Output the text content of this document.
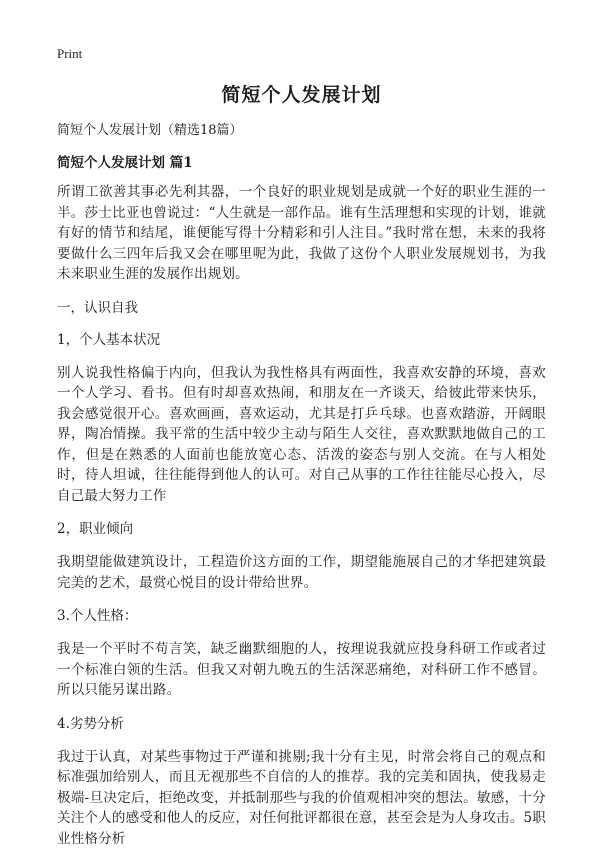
Print
简短个人发展计划
简短个人发展计划（精选18篇）
简短个人发展计划 篇1

所谓工欲善其事必先利其器，一个良好的职业规划是成就一个好的职业生涯的一半。莎士比亚也曾说过：“人生就是一部作品。谁有生活理想和实现的计划，谁就有好的情节和结尾，谁便能写得十分精彩和引人注目。”我时常在想，未来的我将要做什么三四年后我又会在哪里呢为此，我做了这份个人职业发展规划书，为我未来职业生涯的发展作出规划。

一，认识自我
1，个人基本状况

别人说我性格偏于内向，但我认为我性格具有两面性，我喜欢安静的环境，喜欢一个人学习、看书。但有时却喜欢热闹，和朋友在一齐谈天，给彼此带来快乐，我会感觉很开心。喜欢画画，喜欢运动，尤其是打乒乓球。也喜欢踏游，开阔眼界，陶冶情操。我平常的生活中较少主动与陌生人交往，喜欢默默地做自己的工作，但是在熟悉的人面前也能放宽心态、活泼的姿态与别人交流。在与人相处时，待人坦诚，往往能得到他人的认可。对自己从事的工作往往能尽心投入，尽自己最大努力工作

2，职业倾向

我期望能做建筑设计，工程造价这方面的工作，期望能施展自己的才华把建筑最完美的艺术，最赏心悦目的设计带给世界。

3.个人性格：

我是一个平时不苟言笑，缺乏幽默细胞的人，按理说我就应投身科研工作或者过一个标准白领的生活。但我又对朝九晚五的生活深恶痛绝，对科研工作不感冒。所以只能另谋出路。

4.劣势分析

我过于认真，对某些事物过于严谨和挑剔;我十分有主见，时常会将自己的观点和标准强加给别人，而且无视那些不自信的人的推荐。我的完美和固执，使我易走极端-旦决定后，拒绝改变，并抵制那些与我的价值观相冲突的想法。敏感，十分关注个人的感受和他人的反应，对任何批评都很在意，甚至会是为人身攻击。5职业性格分析
